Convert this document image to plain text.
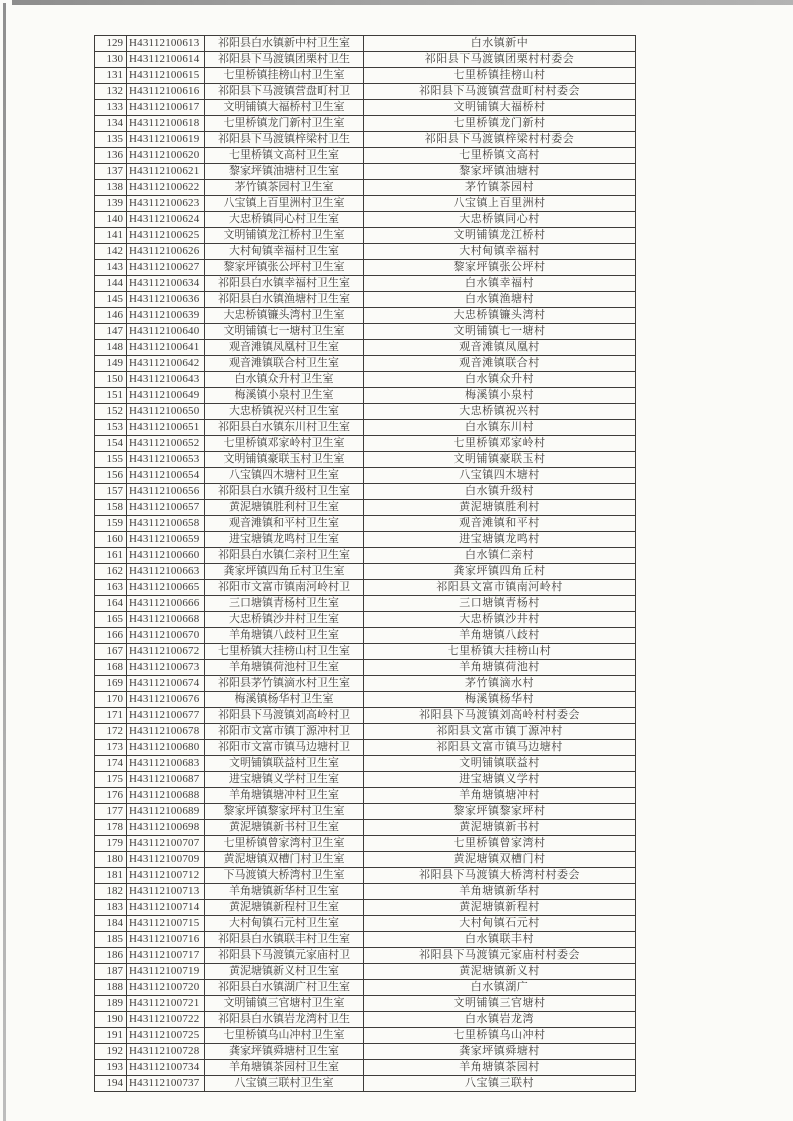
129	H43112100613	祁阳县白水镇新中村卫生室	白水镇新中
130	H43112100614	祁阳县下马渡镇团栗村卫生	祁阳县下马渡镇团栗村村委会
131	H43112100615	七里桥镇挂榜山村卫生室	七里桥镇挂榜山村
132	H43112100616	祁阳县下马渡镇营盘町村卫	祁阳县下马渡镇营盘町村村委会
133	H43112100617	文明铺镇大福桥村卫生室	文明铺镇大福桥村
134	H43112100618	七里桥镇龙门新村卫生室	七里桥镇龙门新村
135	H43112100619	祁阳县下马渡镇梓梁村卫生	祁阳县下马渡镇梓梁村村委会
136	H43112100620	七里桥镇文高村卫生室	七里桥镇文高村
137	H43112100621	黎家坪镇油塘村卫生室	黎家坪镇油塘村
138	H43112100622	茅竹镇茶园村卫生室	茅竹镇茶园村
139	H43112100623	八宝镇上百里洲村卫生室	八宝镇上百里洲村
140	H43112100624	大忠桥镇同心村卫生室	大忠桥镇同心村
141	H43112100625	文明铺镇龙江桥村卫生室	文明铺镇龙江桥村
142	H43112100626	大村甸镇幸福村卫生室	大村甸镇幸福村
143	H43112100627	黎家坪镇张公坪村卫生室	黎家坪镇张公坪村
144	H43112100634	祁阳县白水镇幸福村卫生室	白水镇幸福村
145	H43112100636	祁阳县白水镇渔塘村卫生室	白水镇渔塘村
146	H43112100639	大忠桥镇镰头湾村卫生室	大忠桥镇镰头湾村
147	H43112100640	文明铺镇七一塘村卫生室	文明铺镇七一塘村
148	H43112100641	观音滩镇凤凰村卫生室	观音滩镇凤凰村
149	H43112100642	观音滩镇联合村卫生室	观音滩镇联合村
150	H43112100643	白水镇众升村卫生室	白水镇众升村
151	H43112100649	梅溪镇小泉村卫生室	梅溪镇小泉村
152	H43112100650	大忠桥镇祝兴村卫生室	大忠桥镇祝兴村
153	H43112100651	祁阳县白水镇东川村卫生室	白水镇东川村
154	H43112100652	七里桥镇邓家岭村卫生室	七里桥镇邓家岭村
155	H43112100653	文明铺镇豪联玉村卫生室	文明铺镇豪联玉村
156	H43112100654	八宝镇四木塘村卫生室	八宝镇四木塘村
157	H43112100656	祁阳县白水镇升级村卫生室	白水镇升级村
158	H43112100657	黄泥塘镇胜利村卫生室	黄泥塘镇胜利村
159	H43112100658	观音滩镇和平村卫生室	观音滩镇和平村
160	H43112100659	进宝塘镇龙鸣村卫生室	进宝塘镇龙鸣村
161	H43112100660	祁阳县白水镇仁亲村卫生室	白水镇仁亲村
162	H43112100663	龚家坪镇四角丘村卫生室	龚家坪镇四角丘村
163	H43112100665	祁阳市文富市镇南河岭村卫	祁阳县文富市镇南河岭村
164	H43112100666	三口塘镇青杨村卫生室	三口塘镇青杨村
165	H43112100668	大忠桥镇沙井村卫生室	大忠桥镇沙井村
166	H43112100670	羊角塘镇八歧村卫生室	羊角塘镇八歧村
167	H43112100672	七里桥镇大挂榜山村卫生室	七里桥镇大挂榜山村
168	H43112100673	羊角塘镇荷池村卫生室	羊角塘镇荷池村
169	H43112100674	祁阳县茅竹镇滴水村卫生室	茅竹镇滴水村
170	H43112100676	梅溪镇杨华村卫生室	梅溪镇杨华村
171	H43112100677	祁阳县下马渡镇刘高岭村卫	祁阳县下马渡镇刘高岭村村委会
172	H43112100678	祁阳市文富市镇丁源冲村卫	祁阳县文富市镇丁源冲村
173	H43112100680	祁阳市文富市镇马边塘村卫	祁阳县文富市镇马边塘村
174	H43112100683	文明铺镇联益村卫生室	文明铺镇联益村
175	H43112100687	进宝塘镇义学村卫生室	进宝塘镇义学村
176	H43112100688	羊角塘镇塘冲村卫生室	羊角塘镇塘冲村
177	H43112100689	黎家坪镇黎家坪村卫生室	黎家坪镇黎家坪村
178	H43112100698	黄泥塘镇新书村卫生室	黄泥塘镇新书村
179	H43112100707	七里桥镇曾家湾村卫生室	七里桥镇曾家湾村
180	H43112100709	黄泥塘镇双槽门村卫生室	黄泥塘镇双槽门村
181	H43112100712	下马渡镇大桥湾村卫生室	祁阳县下马渡镇大桥湾村村委会
182	H43112100713	羊角塘镇新华村卫生室	羊角塘镇新华村
183	H43112100714	黄泥塘镇新程村卫生室	黄泥塘镇新程村
184	H43112100715	大村甸镇石元村卫生室	大村甸镇石元村
185	H43112100716	祁阳县白水镇联丰村卫生室	白水镇联丰村
186	H43112100717	祁阳县下马渡镇元家庙村卫	祁阳县下马渡镇元家庙村村委会
187	H43112100719	黄泥塘镇新义村卫生室	黄泥塘镇新义村
188	H43112100720	祁阳县白水镇湖广村卫生室	白水镇湖广
189	H43112100721	文明铺镇三官塘村卫生室	文明铺镇三官塘村
190	H43112100722	祁阳县白水镇岩龙湾村卫生	白水镇岩龙湾
191	H43112100725	七里桥镇乌山冲村卫生室	七里桥镇乌山冲村
192	H43112100728	龚家坪镇舜塘村卫生室	龚家坪镇舜塘村
193	H43112100734	羊角塘镇茶园村卫生室	羊角塘镇茶园村
194	H43112100737	八宝镇三联村卫生室	八宝镇三联村
